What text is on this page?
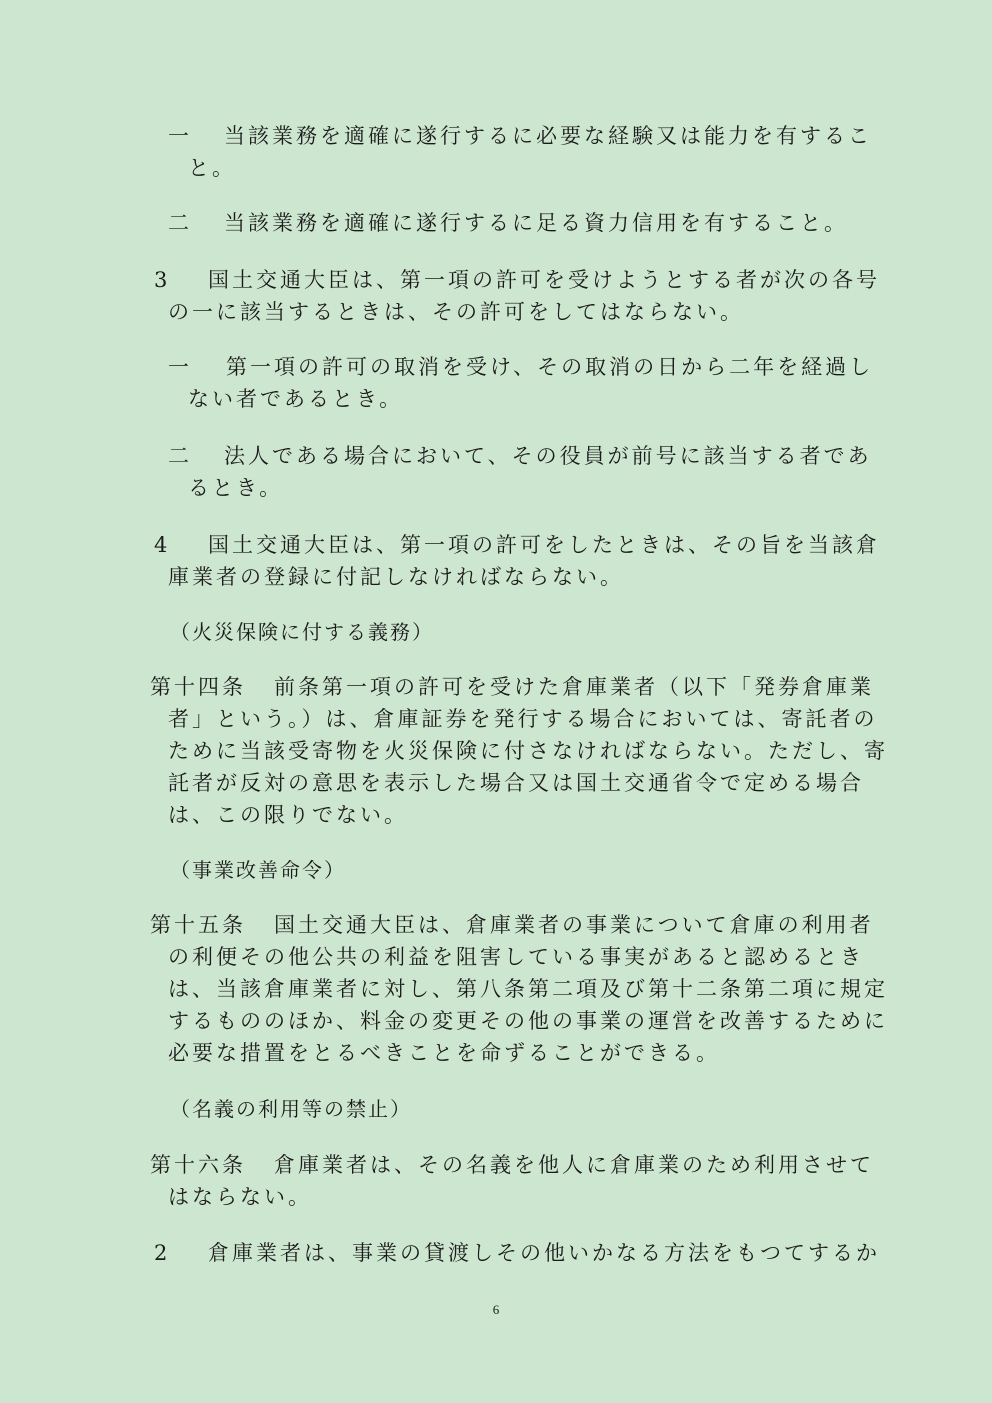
一 当該業務を適確に遂行するに必要な経験又は能力を有するこ
と。
二 当該業務を適確に遂行するに足る資力信用を有すること。
3 国土交通大臣は、第一項の許可を受けようとする者が次の各号
の一に該当するときは、その許可をしてはならない。
一 第一項の許可の取消を受け、その取消の日から二年を経過し
ない者であるとき。
二 法人である場合において、その役員が前号に該当する者であ
るとき。
4 国土交通大臣は、第一項の許可をしたときは、その旨を当該倉
庫業者の登録に付記しなければならない。
（火災保険に付する義務）
第十四条 前条第一項の許可を受けた倉庫業者（以下「発券倉庫業
者」という。）は、倉庫証券を発行する場合においては、寄託者の
ために当該受寄物を火災保険に付さなければならない。ただし、寄
託者が反対の意思を表示した場合又は国土交通省令で定める場合
は、この限りでない。
（事業改善命令）
第十五条 国土交通大臣は、倉庫業者の事業について倉庫の利用者
の利便その他公共の利益を阻害している事実があると認めるとき
は、当該倉庫業者に対し、第八条第二項及び第十二条第二項に規定
するもののほか、料金の変更その他の事業の運営を改善するために
必要な措置をとるべきことを命ずることができる。
（名義の利用等の禁止）
第十六条 倉庫業者は、その名義を他人に倉庫業のため利用させて
はならない。
2 倉庫業者は、事業の貸渡しその他いかなる方法をもつてするか
6
